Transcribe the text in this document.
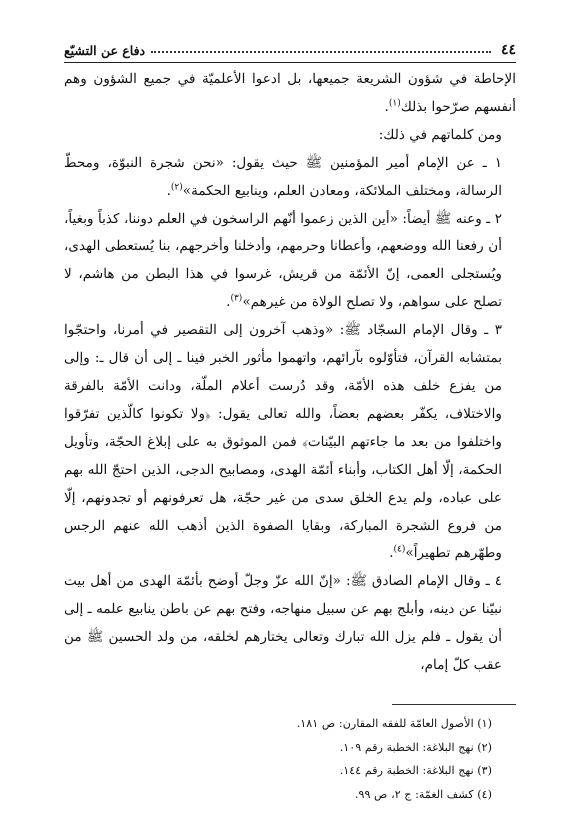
٤٤
دفاع عن التشيّع

الإحاطة في شؤون الشريعة جميعها، بل ادعوا الأعلميّة في جميع الشؤون وهم أنفسهم صرّحوا بذلك$^{(١)}$.

ومن كلماتهم في ذلك:

١ ـ عن الإمام أمير المؤمنين ﷺ حيث يقول: «نحن شجرة النبوّة، ومحطّ الرسالة، ومختلف الملائكة، ومعادن العلم، وينابيع الحكمة»$^{(٢)}$.

٢ ـ وعنه ﷺ أيضاً: «أين الذين زعموا أنّهم الراسخون في العلم دوننا، كذباً وبغياً، أن رفعنا الله ووضعهم، وأعطانا وحرمهم، وأدخلنا وأخرجهم، بنا يُستعطى الهدى، ويُستجلى العمى، إنّ الأئمّة من قريش، غرسوا في هذا البطن من هاشم، لا تصلح على سواهم، ولا تصلح الولاة من غيرهم»$^{(٣)}$.

٣ ـ وقال الإمام السجّاد ﷺ: «وذهب آخرون إلى التقصير في أمرنا، واحتجّوا بمتشابه القرآن، فتأوّلوه بآرائهم، واتهموا مأثور الخبر فينا ـ إلى أن قال ـ: وإلى من يفزع خلف هذه الأمّة، وقد دُرست أعلام الملّة، ودانت الأمّة بالفرقة والاختلاف، يكفّر بعضهم بعضاً، والله تعالى يقول: ﴿ولا تكونوا كالّذين تفرّقوا واختلفوا من بعد ما جاءتهم البيّنات﴾ فمن الموثوق به على إبلاغ الحجّة، وتأويل الحكمة، إلّا أهل الكتاب، وأبناء أئمّة الهدى، ومصابيح الدجى، الذين احتجّ الله بهم على عباده، ولم يدع الخلق سدى من غير حجّة، هل تعرفونهم أو تجدونهم، إلّا من فروع الشجرة المباركة، وبقايا الصفوة الذين أذهب الله عنهم الرجس وطهّرهم تطهيراً»$^{(٤)}$.

٤ ـ وقال الإمام الصادق ﷺ: «إنّ الله عزّ وجلّ أوضح بأئمّة الهدى من أهل بيت نبيّنا عن دينه، وأبلج بهم عن سبيل منهاجه، وفتح بهم عن باطن ينابيع علمه ـ إلى أن يقول ـ فلم يزل الله تبارك وتعالى يختارهم لخلقه، من ولد الحسين ﷺ من عقب كلّ إمام،

(١) الأصول العامّة للفقه المقارن: ص ١٨١.
(٢) نهج البلاغة: الخطبة رقم ١٠٩.
(٣) نهج البلاغة: الخطبة رقم ١٤٤.
(٤) كشف الغمّة: ج ٢، ص ٩٩.
